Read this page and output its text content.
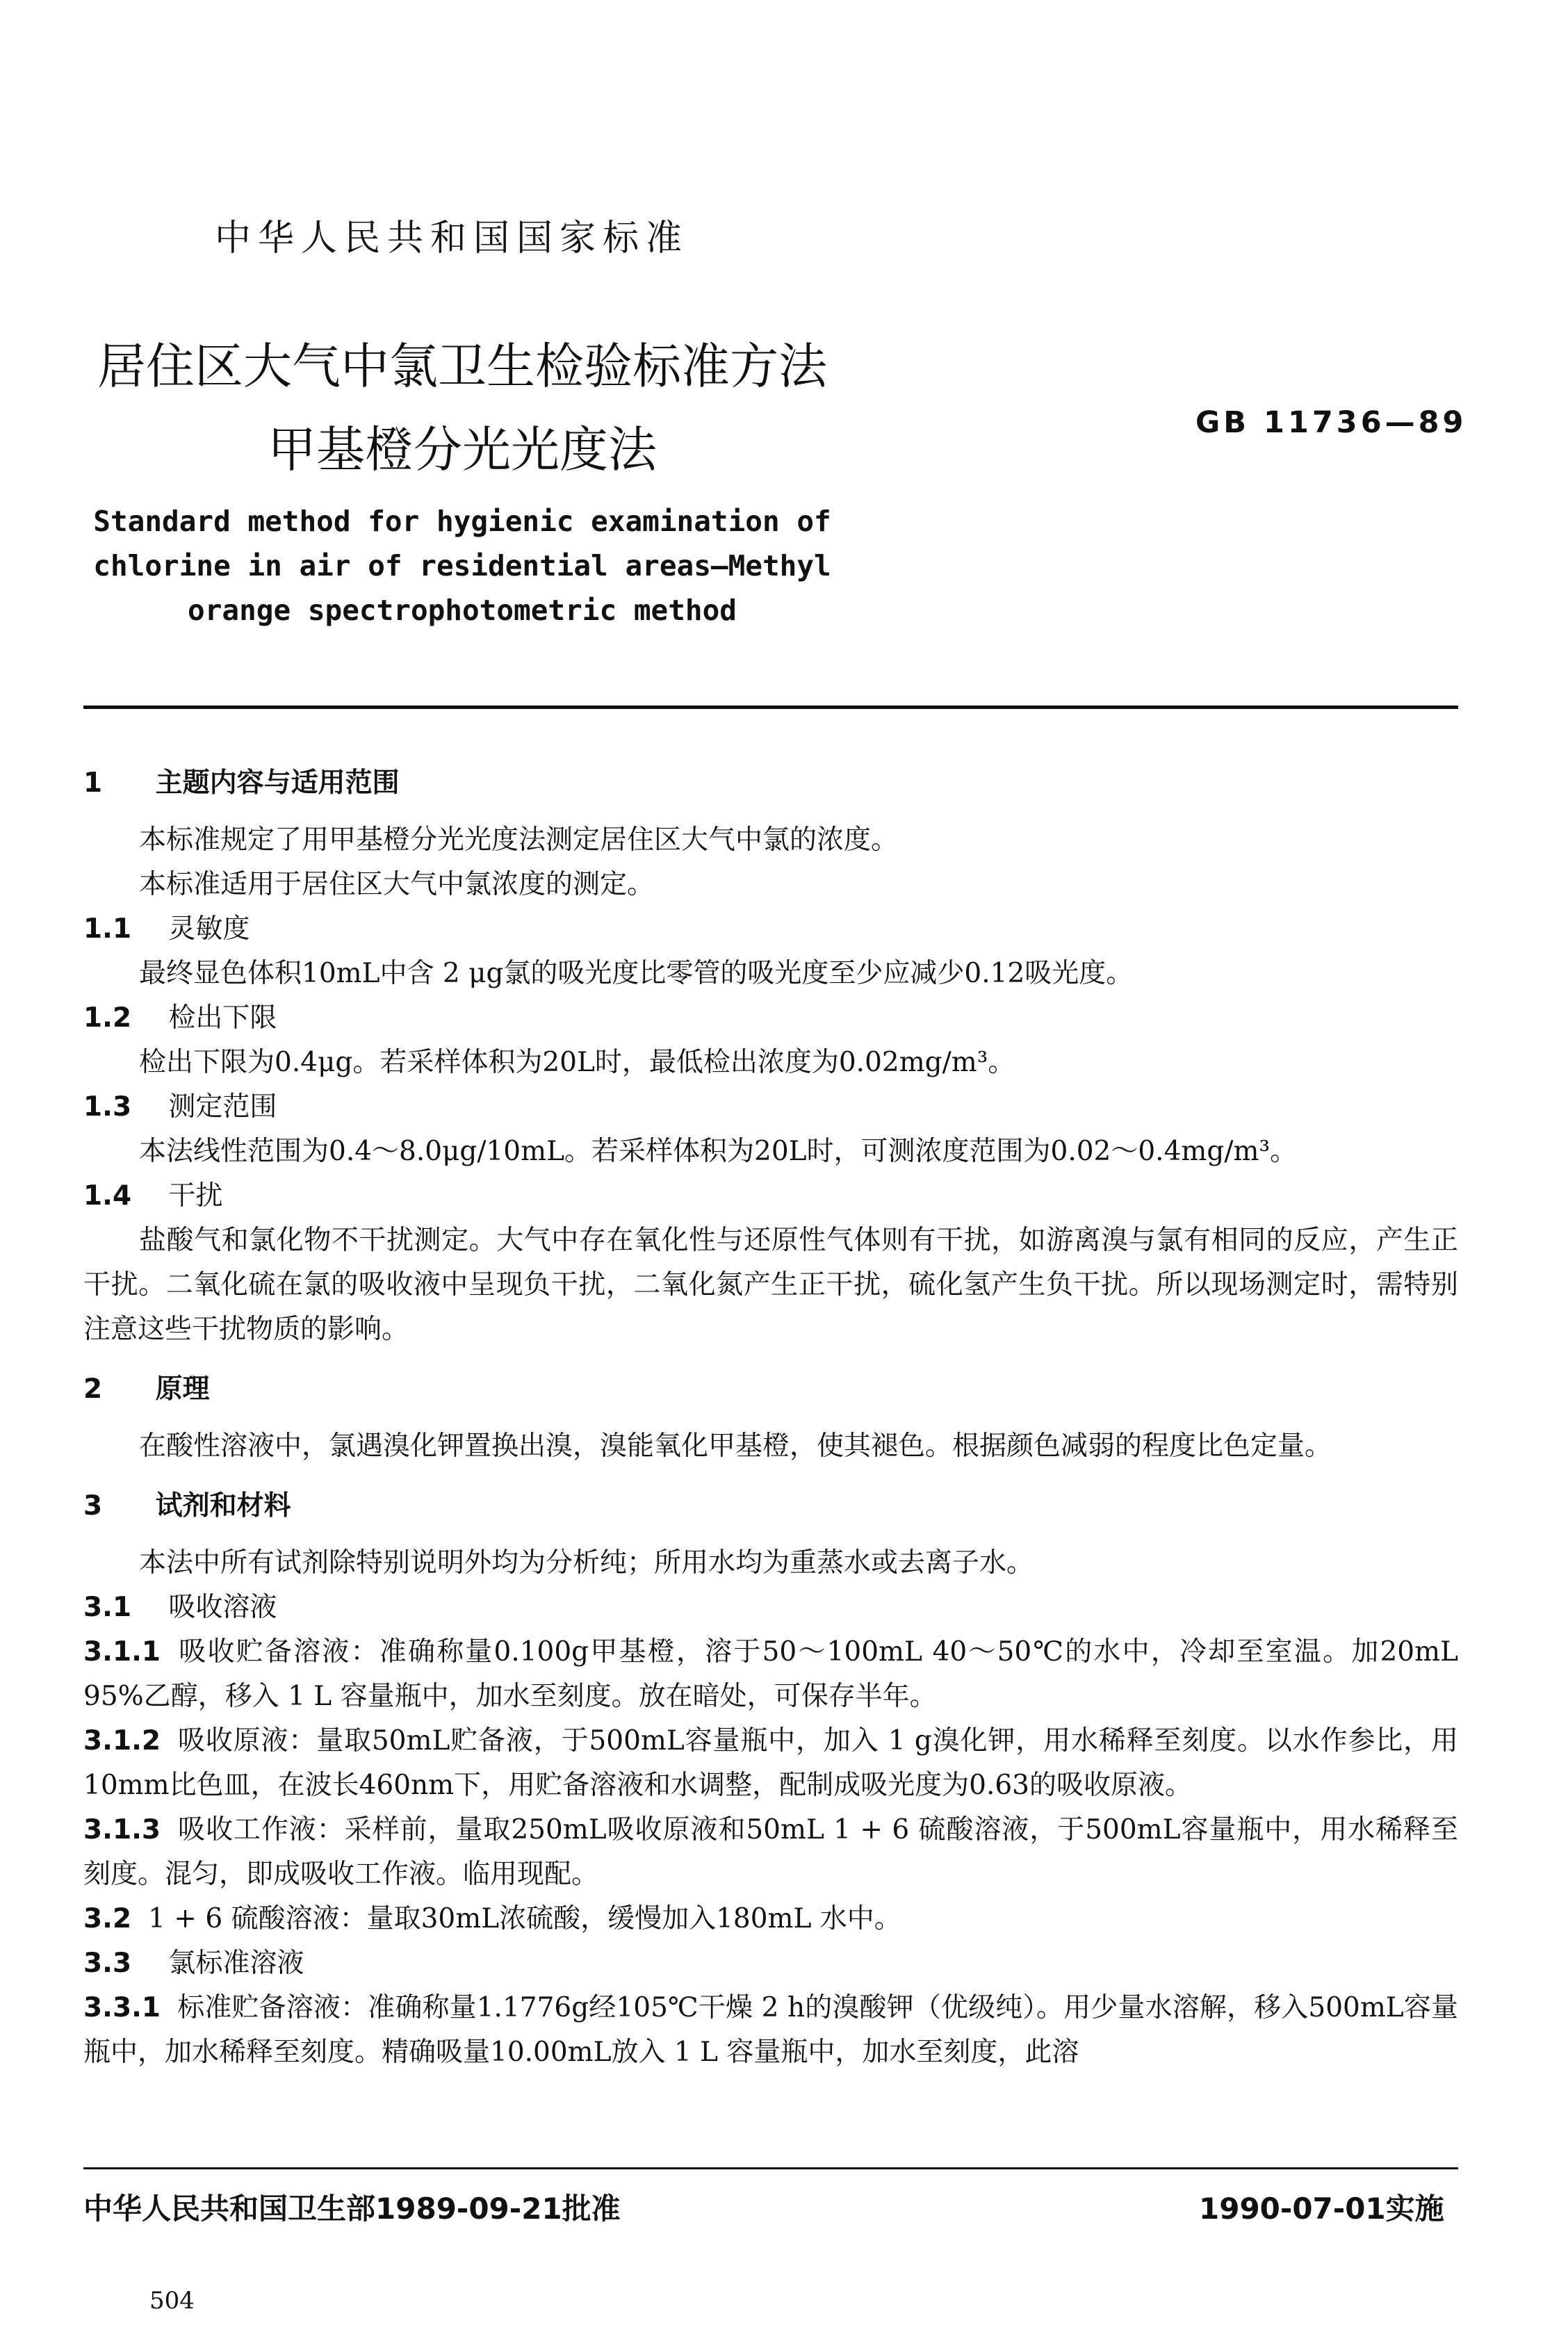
中华人民共和国国家标准
居住区大气中氯卫生检验标准方法
甲基橙分光光度法	GB 11736—89
Standard method for hygienic examination of
chlorine in air of residential areas—Methyl
orange spectrophotometric method
1 主题内容与适用范围
本标准规定了用甲基橙分光光度法测定居住区大气中氯的浓度。
本标准适用于居住区大气中氯浓度的测定。
1.1 灵敏度
最终显色体积10mL中含 2 μg氯的吸光度比零管的吸光度至少应减少0.12吸光度。
1.2 检出下限
检出下限为0.4μg。若采样体积为20L时，最低检出浓度为0.02mg/m³。
1.3 测定范围
本法线性范围为0.4～8.0μg/10mL。若采样体积为20L时，可测浓度范围为0.02～0.4mg/m³。
1.4 干扰
盐酸气和氯化物不干扰测定。大气中存在氧化性与还原性气体则有干扰，如游离溴与氯有相同的反应，产生正干扰。二氧化硫在氯的吸收液中呈现负干扰，二氧化氮产生正干扰，硫化氢产生负干扰。所以现场测定时，需特别注意这些干扰物质的影响。
2 原理
在酸性溶液中，氯遇溴化钾置换出溴，溴能氧化甲基橙，使其褪色。根据颜色减弱的程度比色定量。
3 试剂和材料
本法中所有试剂除特别说明外均为分析纯；所用水均为重蒸水或去离子水。
3.1 吸收溶液
3.1.1 吸收贮备溶液：准确称量0.100g甲基橙，溶于50～100mL 40～50℃的水中，冷却至室温。加20mL 95%乙醇，移入 1 L 容量瓶中，加水至刻度。放在暗处，可保存半年。
3.1.2 吸收原液：量取50mL贮备液，于500mL容量瓶中，加入 1 g溴化钾，用水稀释至刻度。以水作参比，用10mm比色皿，在波长460nm下，用贮备溶液和水调整，配制成吸光度为0.63的吸收原液。
3.1.3 吸收工作液：采样前，量取250mL吸收原液和50mL 1 + 6 硫酸溶液，于500mL容量瓶中，用水稀释至刻度。混匀，即成吸收工作液。临用现配。
3.2 1 + 6 硫酸溶液：量取30mL浓硫酸，缓慢加入180mL 水中。
3.3 氯标准溶液
3.3.1 标准贮备溶液：准确称量1.1776g经105℃干燥 2 h的溴酸钾（优级纯）。用少量水溶解，移入500mL容量瓶中，加水稀释至刻度。精确吸量10.00mL放入 1 L 容量瓶中，加水至刻度，此溶
中华人民共和国卫生部1989-09-21批准	1990-07-01实施
504
